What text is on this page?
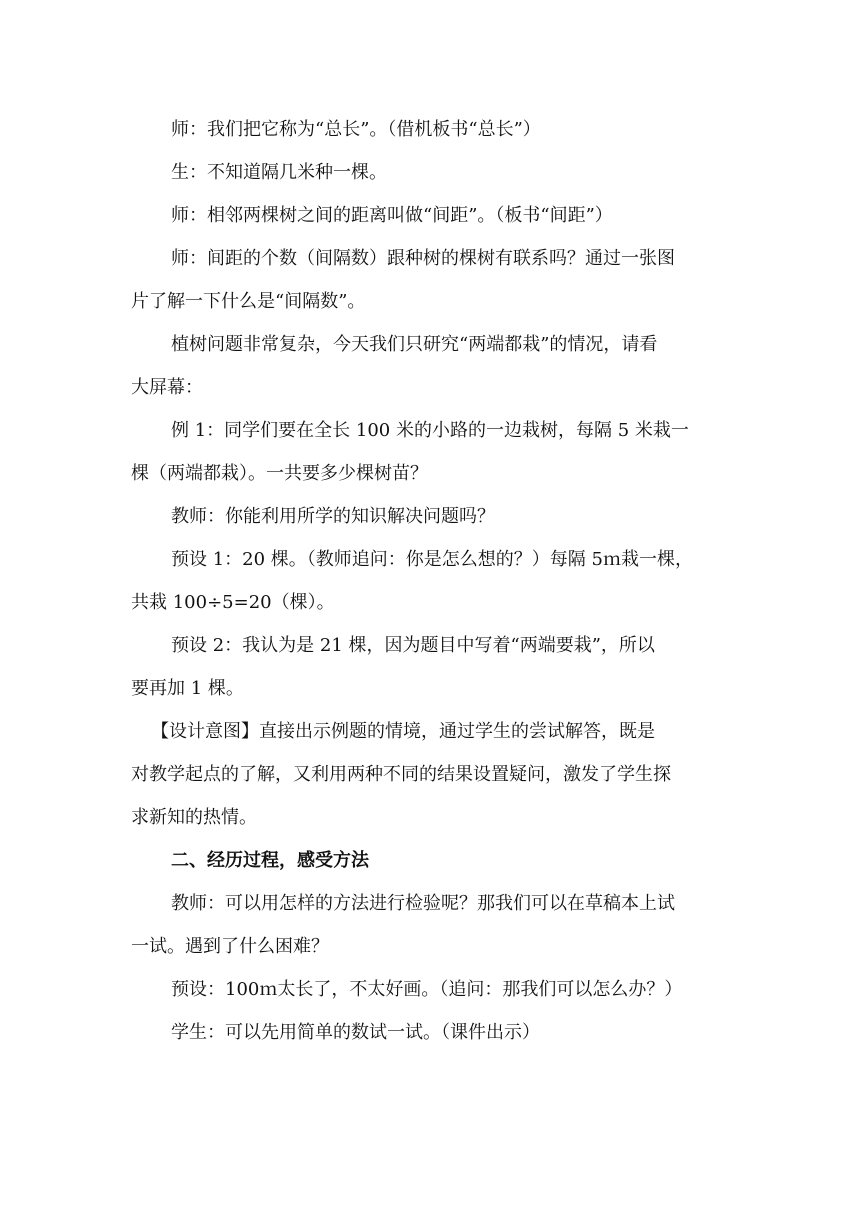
师：我们把它称为“总长”。（借机板书“总长”）
生：不知道隔几米种一棵。
师：相邻两棵树之间的距离叫做“间距”。（板书“间距”）
师：间距的个数（间隔数）跟种树的棵树有联系吗？通过一张图
片了解一下什么是“间隔数”。
植树问题非常复杂，今天我们只研究“两端都栽”的情况，请看
大屏幕：
例 1：同学们要在全长 100 米的小路的一边栽树，每隔 5 米栽一
棵（两端都栽）。一共要多少棵树苗？
教师：你能利用所学的知识解决问题吗？
预设 1：20 棵。（教师追问：你是怎么想的？）每隔 5ｍ栽一棵，
共栽 100÷5=20（棵）。
预设 2：我认为是 21 棵，因为题目中写着“两端要栽”，所以
要再加 1 棵。
【设计意图】直接出示例题的情境，通过学生的尝试解答，既是
对教学起点的了解，又利用两种不同的结果设置疑问，激发了学生探
求新知的热情。
二、经历过程，感受方法
教师：可以用怎样的方法进行检验呢？那我们可以在草稿本上试
一试。遇到了什么困难？
预设：100ｍ太长了，不太好画。（追问：那我们可以怎么办？）
学生：可以先用简单的数试一试。（课件出示）
